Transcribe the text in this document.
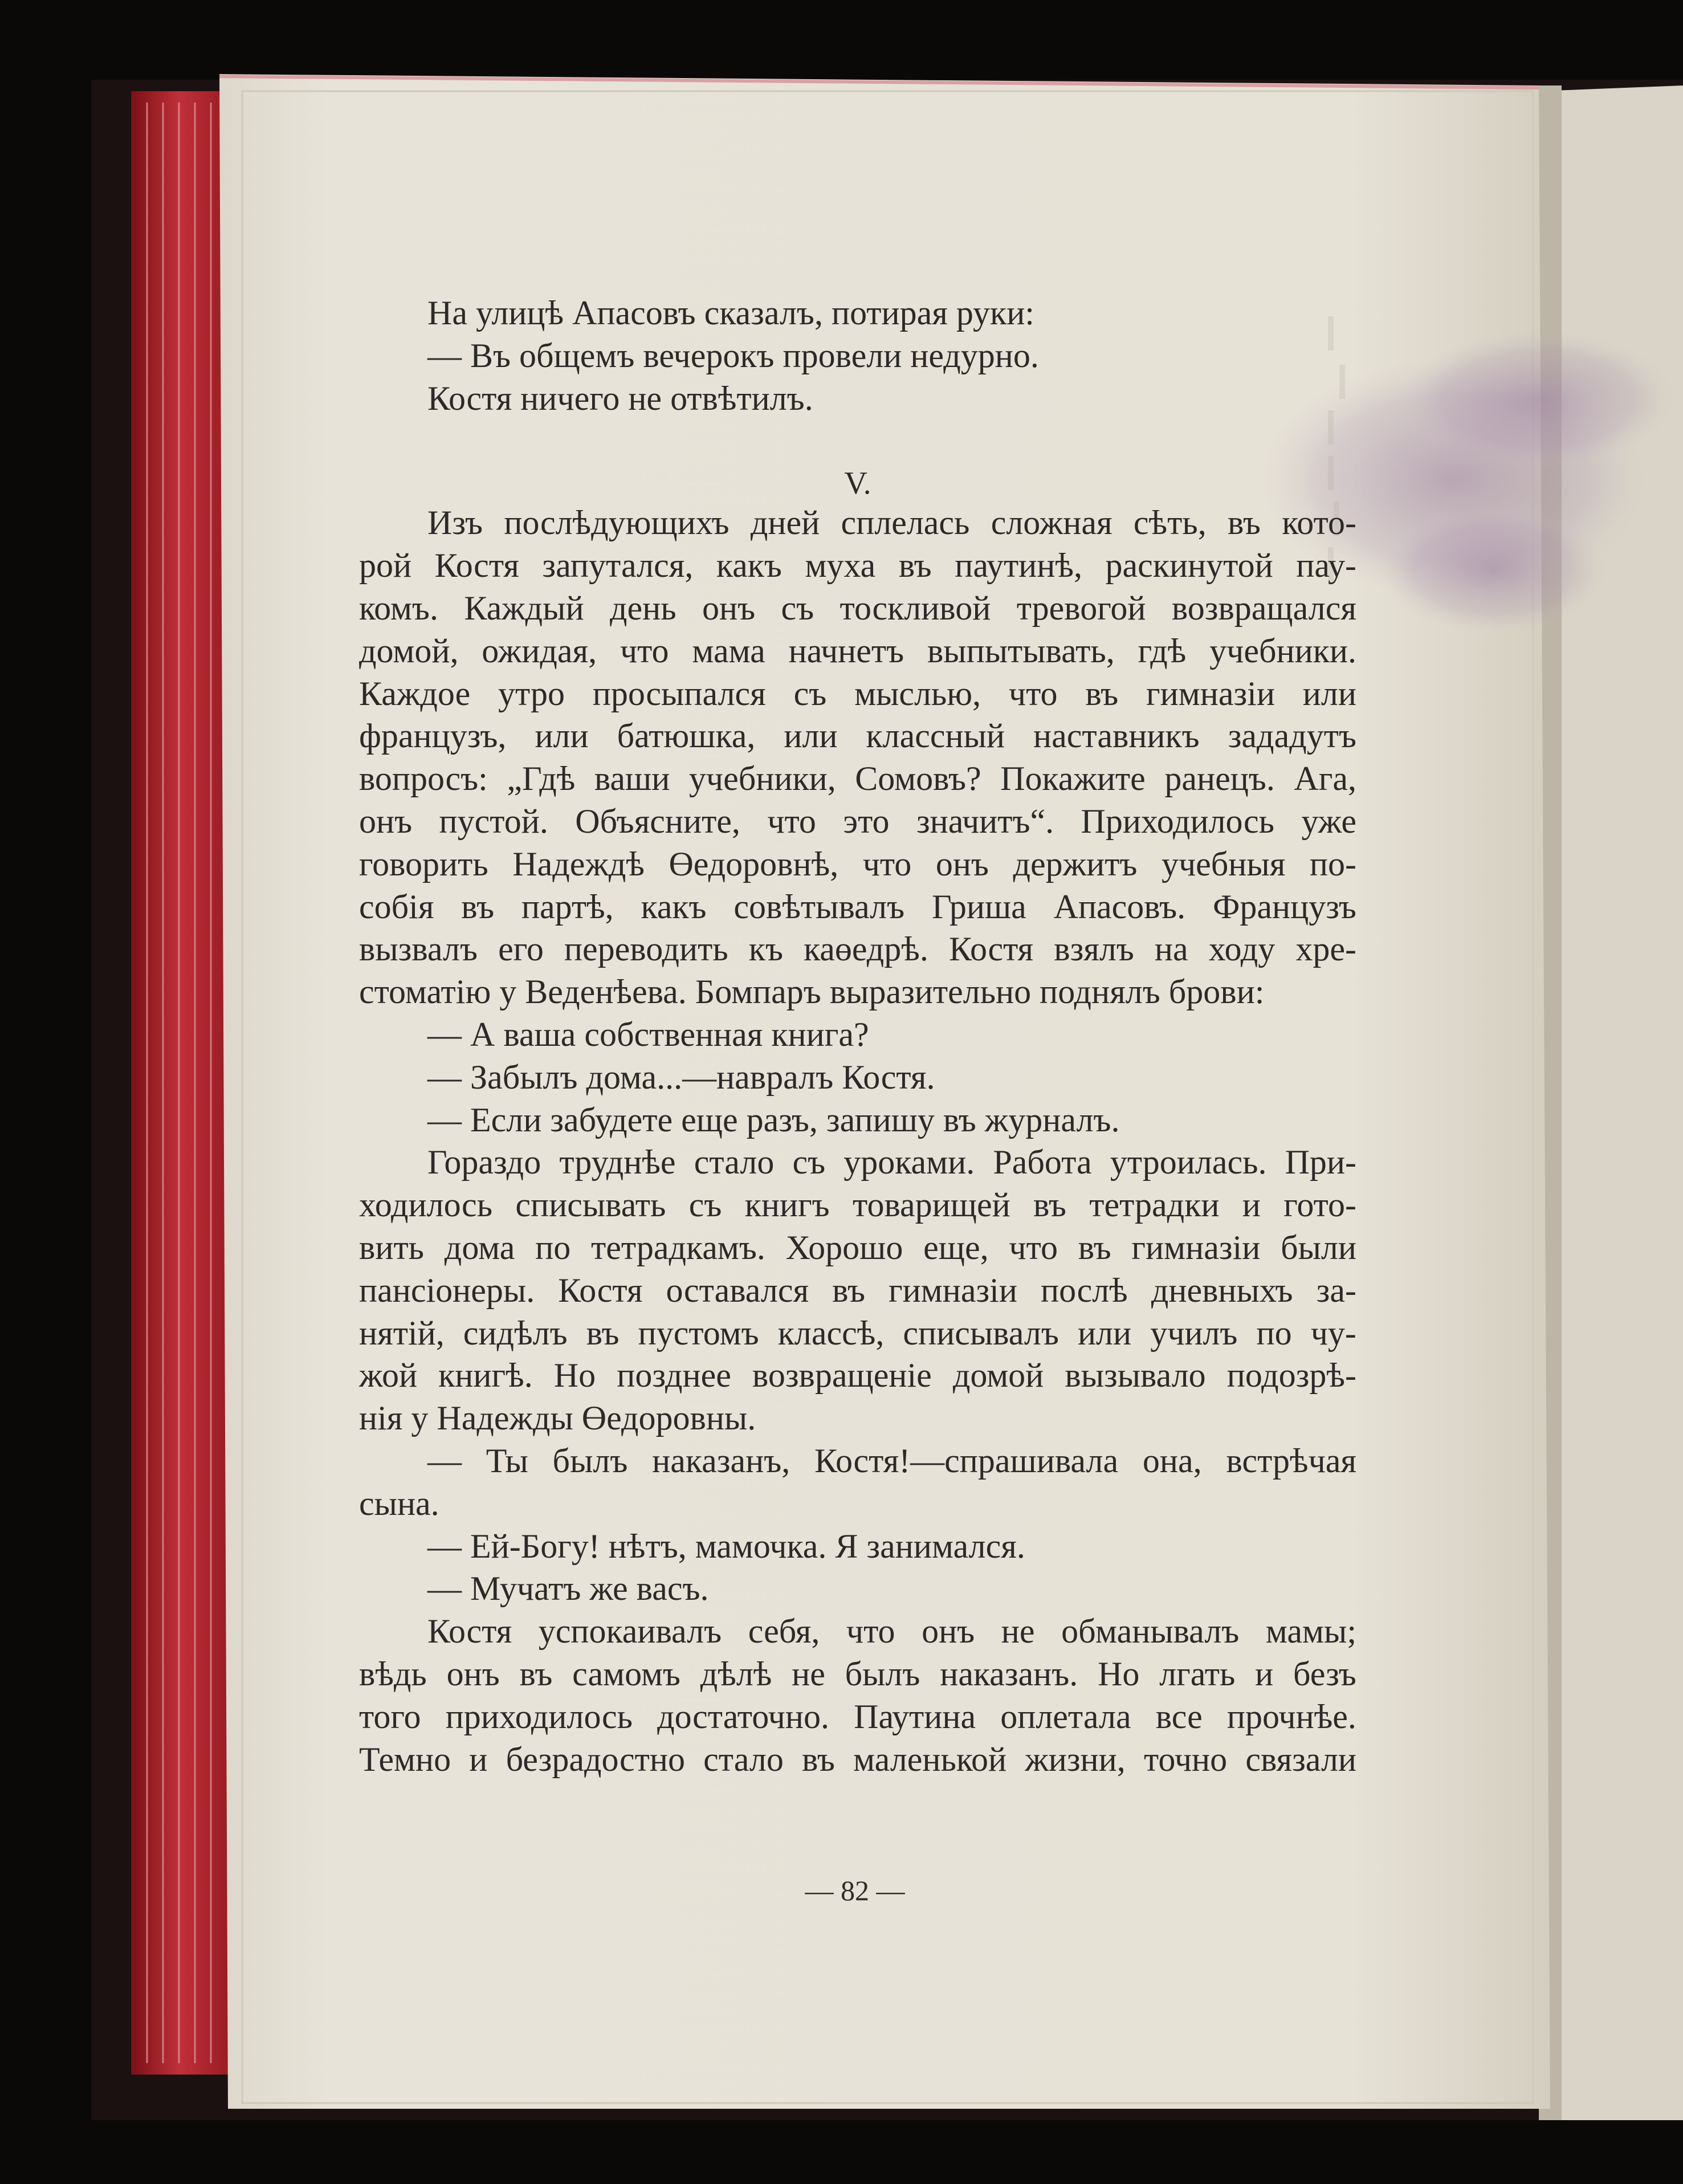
На улицѣ Апасовъ сказалъ, потирая руки:
— Въ общемъ вечерокъ провели недурно.
Костя ничего не отвѣтилъ.
V.
Изъ послѣдующихъ дней сплелась сложная сѣть, въ кото-
рой Костя запутался, какъ муха въ паутинѣ, раскинутой пау-
комъ. Каждый день онъ съ тоскливой тревогой возвращался
домой, ожидая, что мама начнетъ выпытывать, гдѣ учебники.
Каждое утро просыпался съ мыслью, что въ гимназiи или
французъ, или батюшка, или классный наставникъ зададутъ
вопросъ: „Гдѣ ваши учебники, Сомовъ? Покажите ранецъ. Ага,
онъ пустой. Объясните, что это значитъ“. Приходилось уже
говорить Надеждѣ Өедоровнѣ, что онъ держитъ учебныя по-
собiя въ партѣ, какъ совѣтывалъ Гриша Апасовъ. Французъ
вызвалъ его переводить къ каөедрѣ. Костя взялъ на ходу хре-
стоматiю у Веденѣева. Бомпаръ выразительно поднялъ брови:
— А ваша собственная книга?
— Забылъ дома...—навралъ Костя.
— Если забудете еще разъ, запишу въ журналъ.
Гораздо труднѣе стало съ уроками. Работа утроилась. При-
ходилось списывать съ книгъ товарищей въ тетрадки и гото-
вить дома по тетрадкамъ. Хорошо еще, что въ гимназiи были
пансiонеры. Костя оставался въ гимназiи послѣ дневныхъ за-
нятiй, сидѣлъ въ пустомъ классѣ, списывалъ или училъ по чу-
жой книгѣ. Но позднее возвращенiе домой вызывало подозрѣ-
нiя у Надежды Өедоровны.
— Ты былъ наказанъ, Костя!—спрашивала она, встрѣчая
сына.
— Ей-Богу! нѣтъ, мамочка. Я занимался.
— Мучатъ же васъ.
Костя успокаивалъ себя, что онъ не обманывалъ мамы;
вѣдь онъ въ самомъ дѣлѣ не былъ наказанъ. Но лгать и безъ
того приходилось достаточно. Паутина оплетала все прочнѣе.
Темно и безрадостно стало въ маленькой жизни, точно связали
— 82 —
